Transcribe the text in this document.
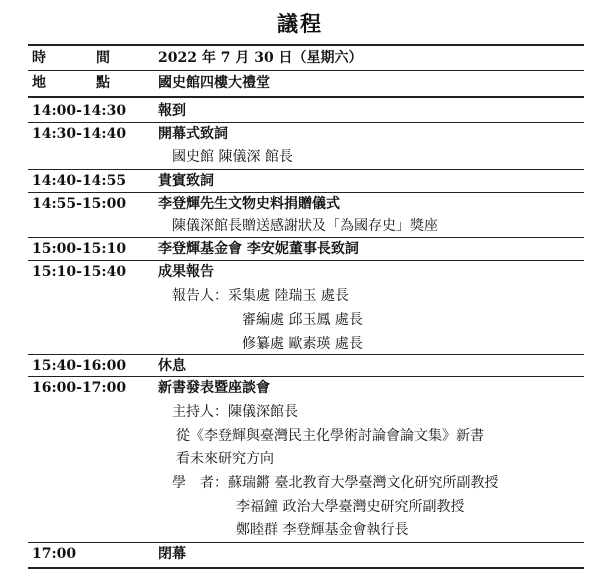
議程
時	間	2022 年 7 月 30 日（星期六）
地	點	國史館四樓大禮堂
14:00-14:30 報到
14:30-14:40 開幕式致詞
國史館 陳儀深 館長
14:40-14:55 貴賓致詞
14:55-15:00 李登輝先生文物史料捐贈儀式
陳儀深館長贈送感謝狀及「為國存史」獎座
15:00-15:10 李登輝基金會 李安妮董事長致詞
15:10-15:40 成果報告
報告人：采集處 陸瑞玉 處長
審編處 邱玉鳳 處長
修纂處 歐素瑛 處長
15:40-16:00 休息
16:00-17:00 新書發表暨座談會
主持人：陳儀深館長
從《李登輝與臺灣民主化學術討論會論文集》新書
看未來研究方向
學　者：蘇瑞鏘 臺北教育大學臺灣文化研究所副教授
李福鐘 政治大學臺灣史研究所副教授
鄭睦群 李登輝基金會執行長
17:00	閉幕
